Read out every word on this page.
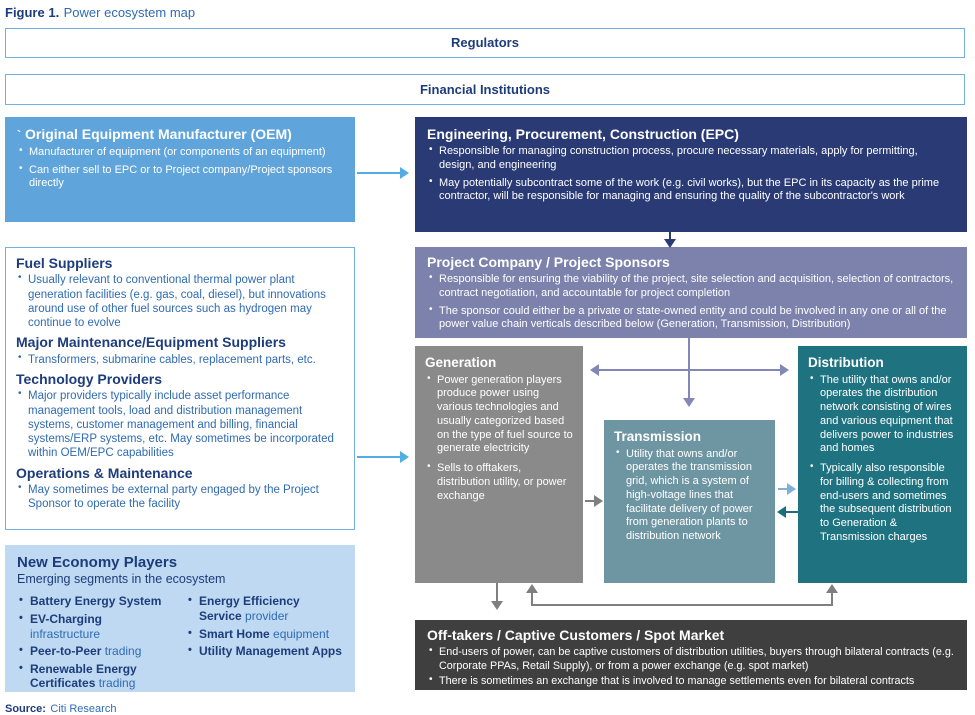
Figure 1. Power ecosystem map
Regulators
Financial Institutions
` Original Equipment Manufacturer (OEM)
• Manufacturer of equipment (or components of an equipment)
• Can either sell to EPC or to Project company/Project sponsors directly
Engineering, Procurement, Construction (EPC)
• Responsible for managing construction process, procure necessary materials, apply for permitting, design, and engineering
• May potentially subcontract some of the work (e.g. civil works), but the EPC in its capacity as the prime contractor, will be responsible for managing and ensuring the quality of the subcontractor's work
Project Company / Project Sponsors
• Responsible for ensuring the viability of the project, site selection and acquisition, selection of contractors, contract negotiation, and accountable for project completion
• The sponsor could either be a private or state-owned entity and could be involved in any one or all of the power value chain verticals described below (Generation, Transmission, Distribution)
Fuel Suppliers
• Usually relevant to conventional thermal power plant generation facilities (e.g. gas, coal, diesel), but innovations around use of other fuel sources such as hydrogen may continue to evolve
Major Maintenance/Equipment Suppliers
• Transformers, submarine cables, replacement parts, etc.
Technology Providers
• Major providers typically include asset performance management tools, load and distribution management systems, customer management and billing, financial systems/ERP systems, etc. May sometimes be incorporated within OEM/EPC capabilities
Operations & Maintenance
• May sometimes be external party engaged by the Project Sponsor to operate the facility
Generation
• Power generation players produce power using various technologies and usually categorized based on the type of fuel source to generate electricity
• Sells to offtakers, distribution utility, or power exchange
Transmission
• Utility that owns and/or operates the transmission grid, which is a system of high-voltage lines that facilitate delivery of power from generation plants to distribution network
Distribution
• The utility that owns and/or operates the distribution network consisting of wires and various equipment that delivers power to industries and homes
• Typically also responsible for billing & collecting from end-users and sometimes the subsequent distribution to Generation & Transmission charges

New Economy Players

Emerging segments in the ecosystem

• Battery Energy System
• EV-Charging infrastructure
• Peer-to-Peer trading
• Renewable Energy Certificates trading
• Energy Efficiency Service provider
• Smart Home equipment
• Utility Management Apps
Off-takers / Captive Customers / Spot Market
• End-users of power, can be captive customers of distribution utilities, buyers through bilateral contracts (e.g. Corporate PPAs, Retail Supply), or from a power exchange (e.g. spot market)
• There is sometimes an exchange that is involved to manage settlements even for bilateral contracts
Source: Citi Research
